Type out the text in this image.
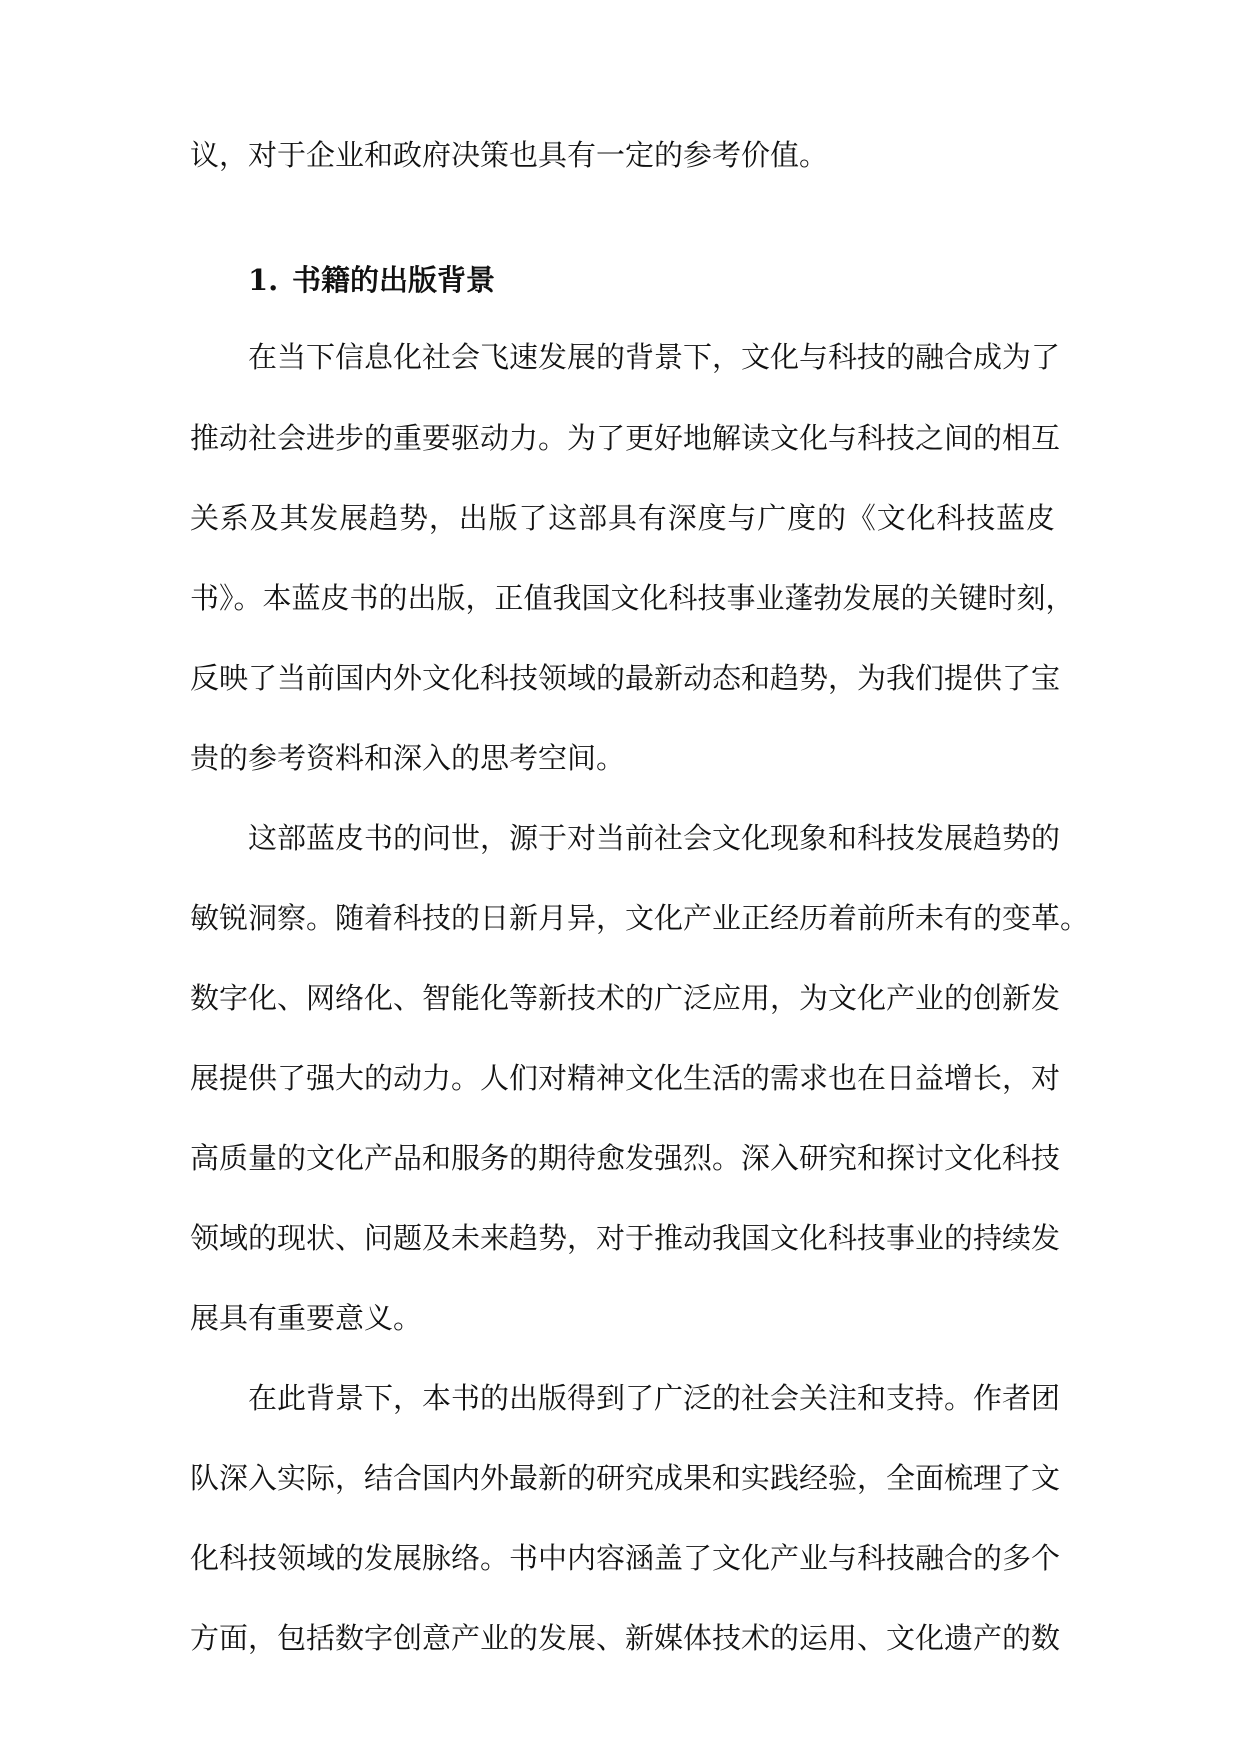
议，对于企业和政府决策也具有一定的参考价值。

1. 书籍的出版背景

在当下信息化社会飞速发展的背景下，文化与科技的融合成为了

推动社会进步的重要驱动力。为了更好地解读文化与科技之间的相互

关系及其发展趋势，出版了这部具有深度与广度的《文化科技蓝皮

书》。本蓝皮书的出版，正值我国文化科技事业蓬勃发展的关键时刻，

反映了当前国内外文化科技领域的最新动态和趋势，为我们提供了宝

贵的参考资料和深入的思考空间。

这部蓝皮书的问世，源于对当前社会文化现象和科技发展趋势的

敏锐洞察。随着科技的日新月异，文化产业正经历着前所未有的变革。

数字化、网络化、智能化等新技术的广泛应用，为文化产业的创新发

展提供了强大的动力。人们对精神文化生活的需求也在日益增长，对

高质量的文化产品和服务的期待愈发强烈。深入研究和探讨文化科技

领域的现状、问题及未来趋势，对于推动我国文化科技事业的持续发

展具有重要意义。

在此背景下，本书的出版得到了广泛的社会关注和支持。作者团

队深入实际，结合国内外最新的研究成果和实践经验，全面梳理了文

化科技领域的发展脉络。书中内容涵盖了文化产业与科技融合的多个

方面，包括数字创意产业的发展、新媒体技术的运用、文化遗产的数
